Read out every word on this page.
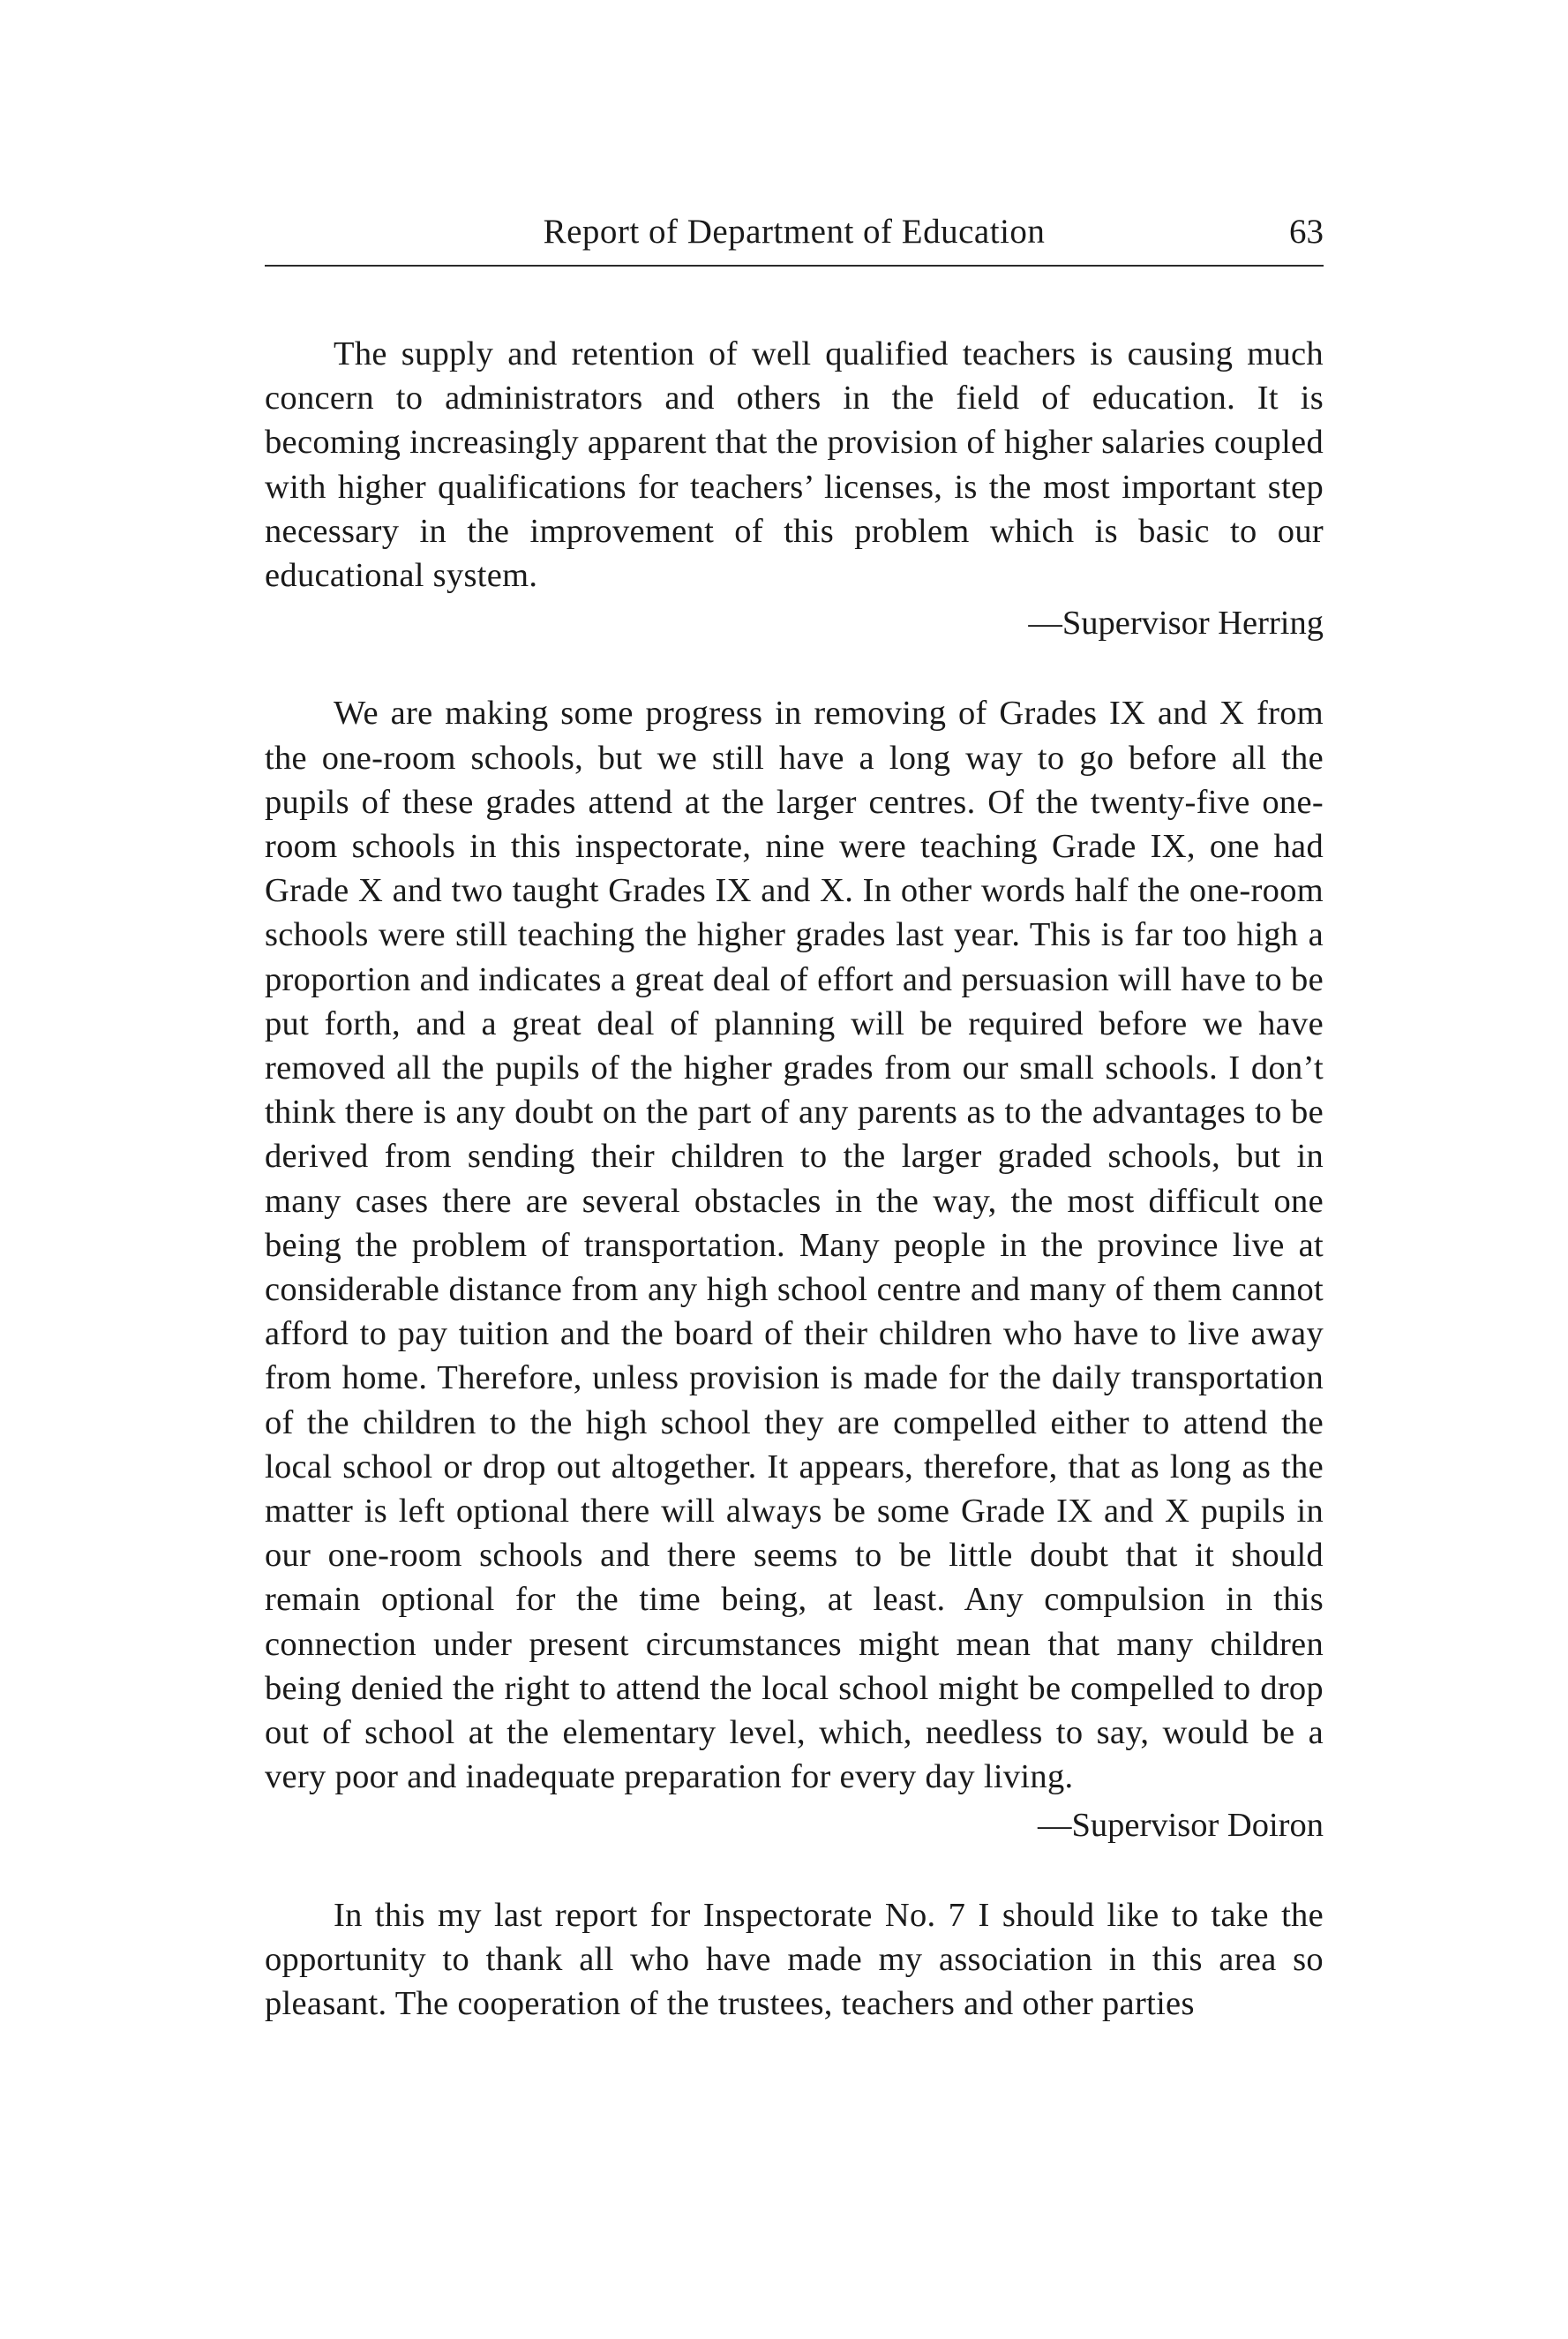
Report of Department of Education	63

The supply and retention of well qualified teachers is causing much concern to administrators and others in the field of education. It is becoming increasingly apparent that the provision of higher salaries coupled with higher qualifications for teachers’ licenses, is the most important step necessary in the improvement of this problem which is basic to our educational system.

—Supervisor Herring

We are making some progress in removing of Grades IX and X from the one-room schools, but we still have a long way to go before all the pupils of these grades attend at the larger centres. Of the twenty-five one-room schools in this inspectorate, nine were teaching Grade IX, one had Grade X and two taught Grades IX and X. In other words half the one-room schools were still teaching the higher grades last year. This is far too high a proportion and indicates a great deal of effort and persuasion will have to be put forth, and a great deal of planning will be required before we have removed all the pupils of the higher grades from our small schools. I don’t think there is any doubt on the part of any parents as to the advantages to be derived from sending their children to the larger graded schools, but in many cases there are several obstacles in the way, the most difficult one being the problem of transportation. Many people in the province live at considerable distance from any high school centre and many of them cannot afford to pay tuition and the board of their children who have to live away from home. Therefore, unless provision is made for the daily transportation of the children to the high school they are compelled either to attend the local school or drop out altogether. It appears, therefore, that as long as the matter is left optional there will always be some Grade IX and X pupils in our one-room schools and there seems to be little doubt that it should remain optional for the time being, at least. Any compulsion in this connection under present circumstances might mean that many children being denied the right to attend the local school might be compelled to drop out of school at the elementary level, which, needless to say, would be a very poor and inadequate preparation for every day living.

—Supervisor Doiron

In this my last report for Inspectorate No. 7 I should like to take the opportunity to thank all who have made my association in this area so pleasant. The cooperation of the trustees, teachers and other parties
